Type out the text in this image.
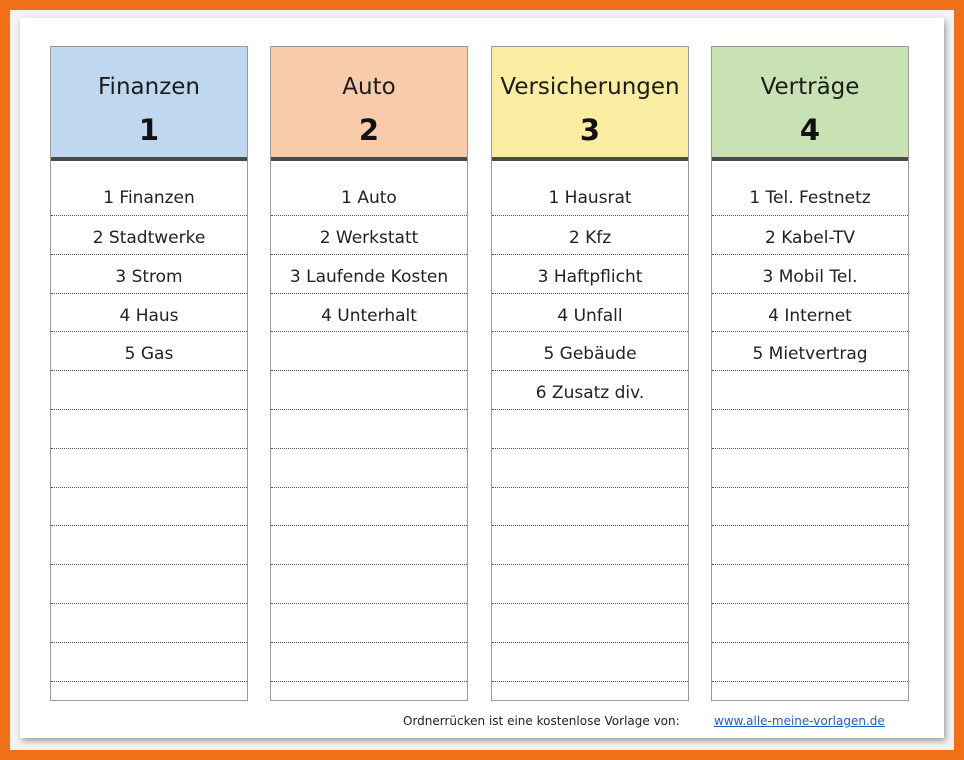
Finanzen
1
1 Finanzen
2 Stadtwerke
3 Strom
4 Haus
5 Gas
Auto
2
1 Auto
2 Werkstatt
3 Laufende Kosten
4 Unterhalt
Versicherungen
3
1 Hausrat
2 Kfz
3 Haftpflicht
4 Unfall
5 Gebäude
6 Zusatz div.
Verträge
4
1 Tel. Festnetz
2 Kabel-TV
3 Mobil Tel.
4 Internet
5 Mietvertrag
Ordnerrücken ist eine kostenlose Vorlage von:	www.alle-meine-vorlagen.de
